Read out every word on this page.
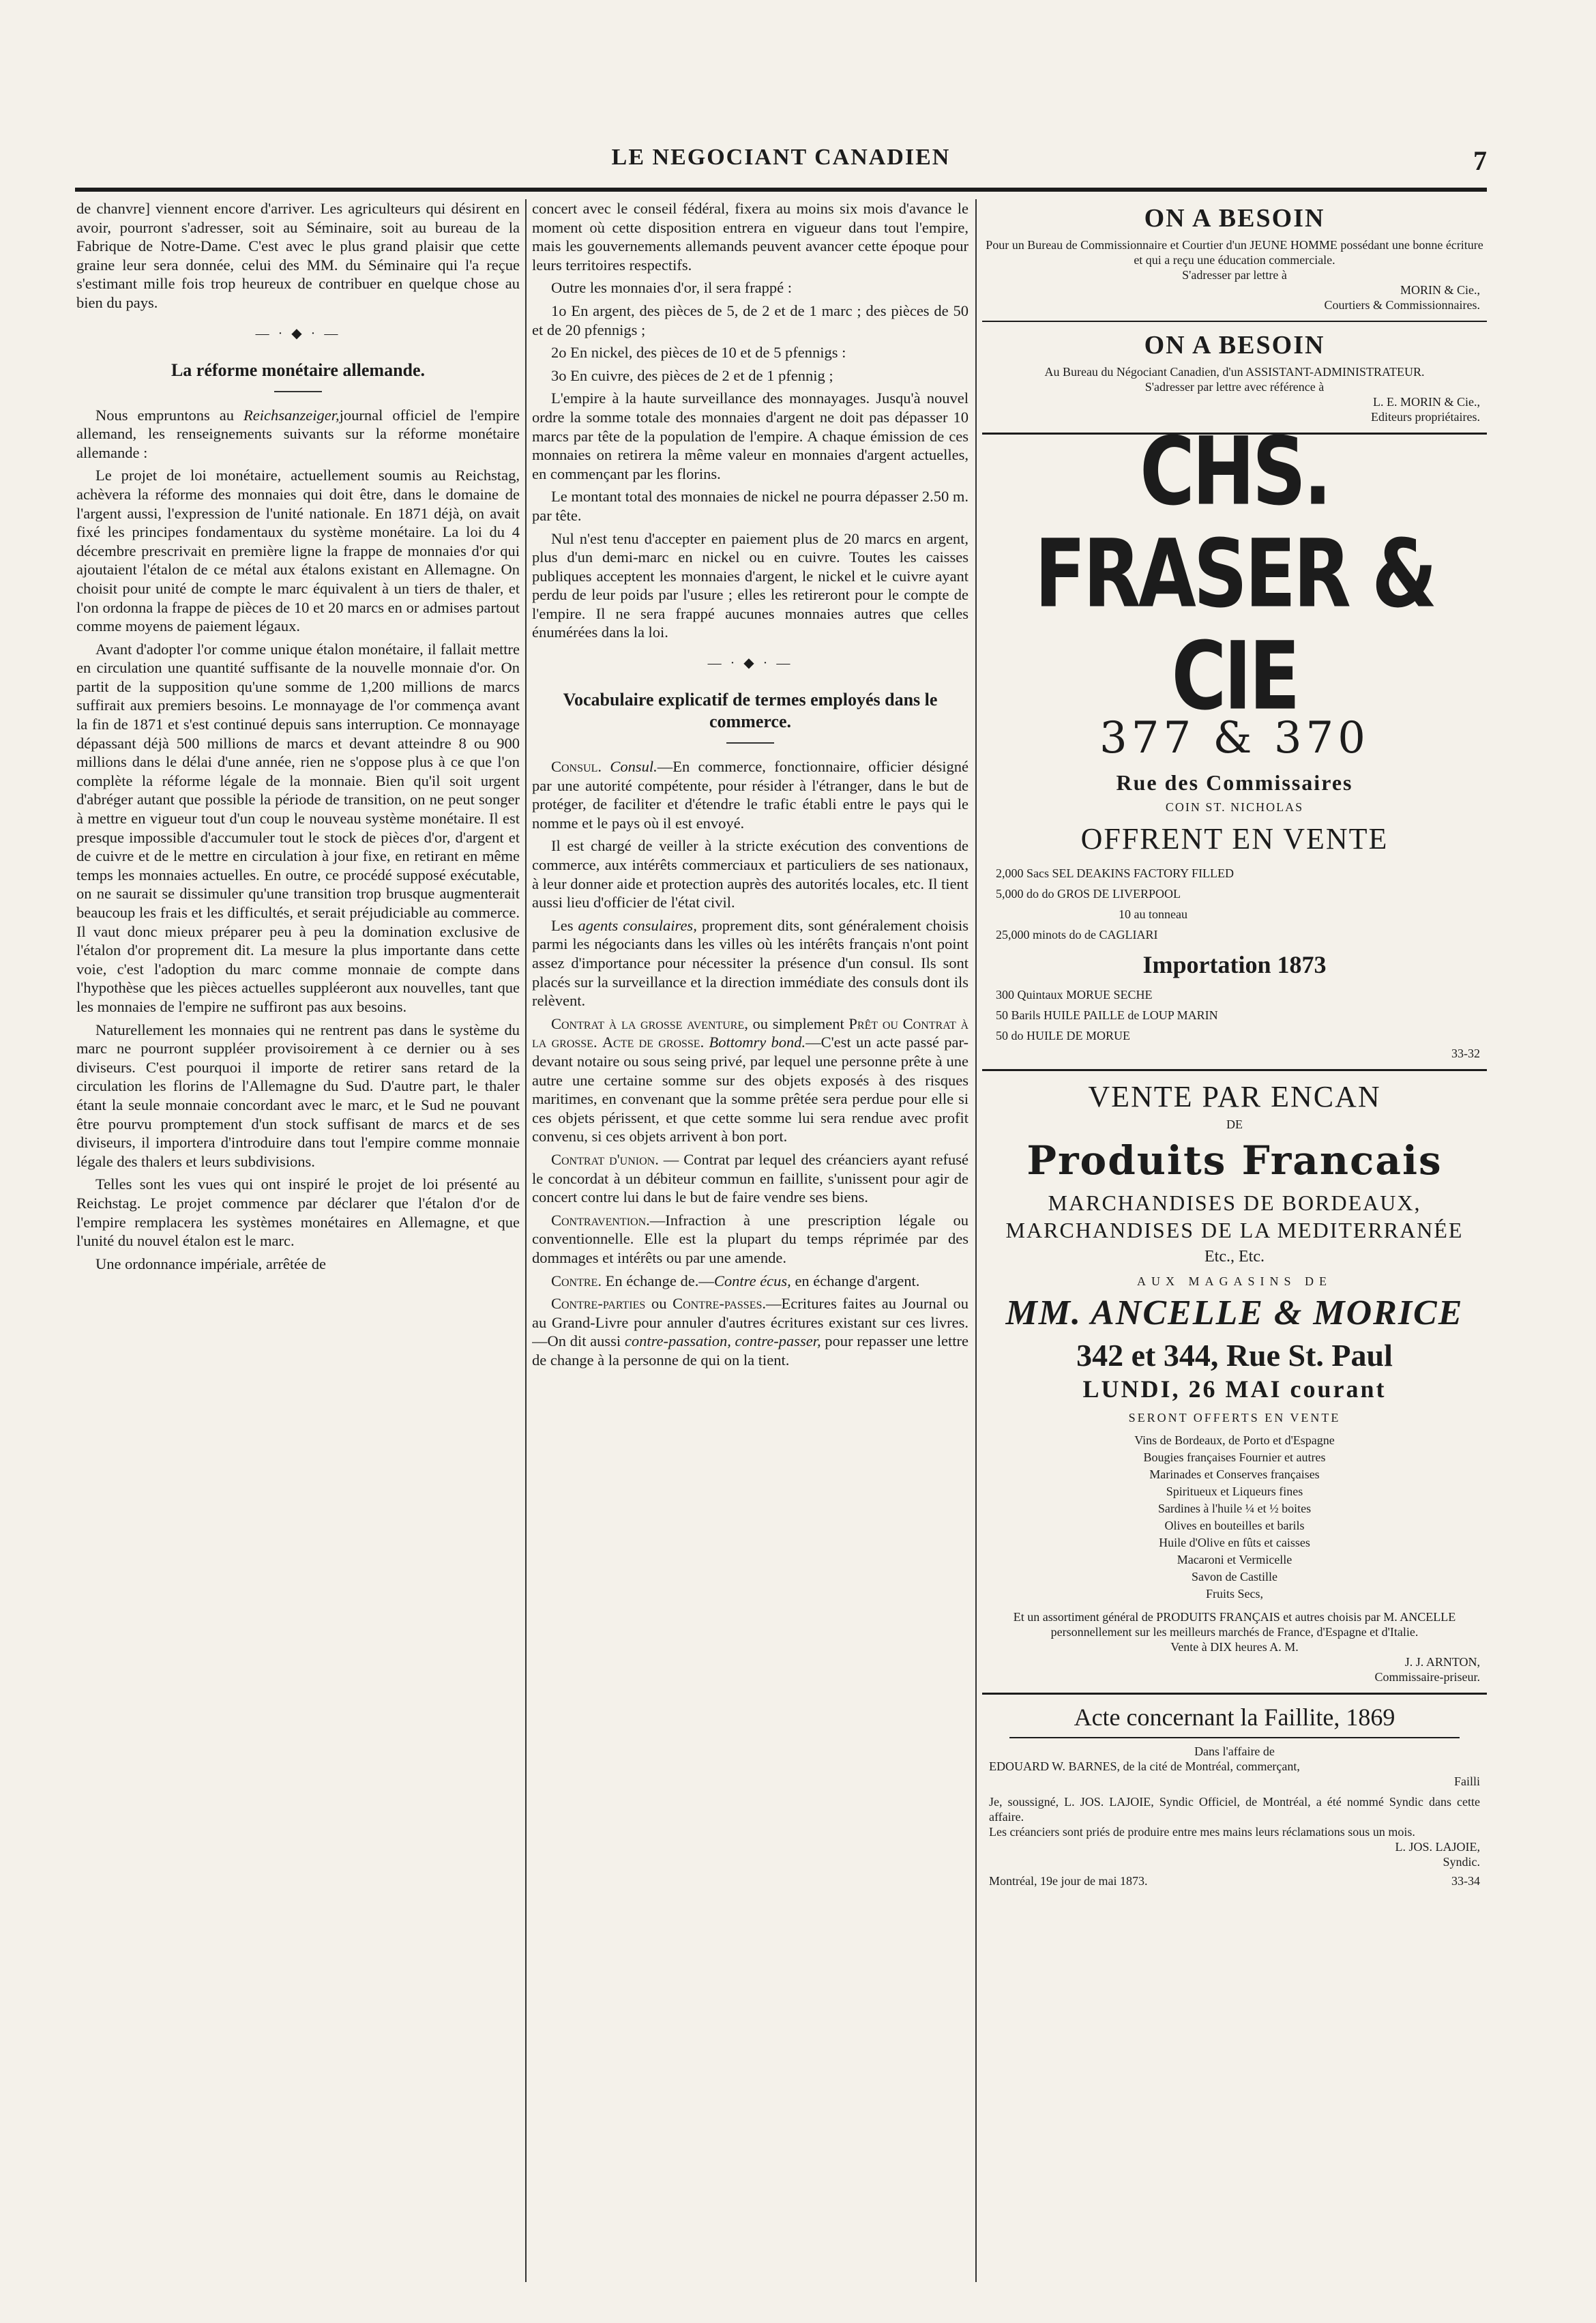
LE NEGOCIANT CANADIEN	7

de chanvre] viennent encore d'arriver. Les agriculteurs qui désirent en avoir, pourront s'adresser, soit au Séminaire, soit au bureau de la Fabrique de Notre-Dame. C'est avec le plus grand plaisir que cette graine leur sera donnée, celui des MM. du Séminaire qui l'a reçue s'estimant mille fois trop heureux de contribuer en quelque chose au bien du pays.

— · ◆ · —
La réforme monétaire allemande.

Nous empruntons au Reichsanzeiger,journal officiel de l'empire allemand, les renseignements suivants sur la réforme monétaire allemande :

Le projet de loi monétaire, actuellement soumis au Reichstag, achèvera la réforme des monnaies qui doit être, dans le domaine de l'argent aussi, l'expression de l'unité nationale. En 1871 déjà, on avait fixé les principes fondamentaux du système monétaire. La loi du 4 décembre prescrivait en première ligne la frappe de monnaies d'or qui ajoutaient l'étalon de ce métal aux étalons existant en Allemagne. On choisit pour unité de compte le marc équivalent à un tiers de thaler, et l'on ordonna la frappe de pièces de 10 et 20 marcs en or admises partout comme moyens de paiement légaux.

Avant d'adopter l'or comme unique étalon monétaire, il fallait mettre en circulation une quantité suffisante de la nouvelle monnaie d'or. On partit de la supposition qu'une somme de 1,200 millions de marcs suffirait aux premiers besoins. Le monnayage de l'or commença avant la fin de 1871 et s'est continué depuis sans interruption. Ce monnayage dépassant déjà 500 millions de marcs et devant atteindre 8 ou 900 millions dans le délai d'une année, rien ne s'oppose plus à ce que l'on complète la réforme légale de la monnaie. Bien qu'il soit urgent d'abréger autant que possible la période de transition, on ne peut songer à mettre en vigueur tout d'un coup le nouveau système monétaire. Il est presque impossible d'accumuler tout le stock de pièces d'or, d'argent et de cuivre et de le mettre en circulation à jour fixe, en retirant en même temps les monnaies actuelles. En outre, ce procédé supposé exécutable, on ne saurait se dissimuler qu'une transition trop brusque augmenterait beaucoup les frais et les difficultés, et serait préjudiciable au commerce. Il vaut donc mieux préparer peu à peu la domination exclusive de l'étalon d'or proprement dit. La mesure la plus importante dans cette voie, c'est l'adoption du marc comme monnaie de compte dans l'hypothèse que les pièces actuelles suppléeront aux nouvelles, tant que les monnaies de l'empire ne suffiront pas aux besoins.

Naturellement les monnaies qui ne rentrent pas dans le système du marc ne pourront suppléer provisoirement à ce dernier ou à ses diviseurs. C'est pourquoi il importe de retirer sans retard de la circulation les florins de l'Allemagne du Sud. D'autre part, le thaler étant la seule monnaie concordant avec le marc, et le Sud ne pouvant être pourvu promptement d'un stock suffisant de marcs et de ses diviseurs, il importera d'introduire dans tout l'empire comme monnaie légale des thalers et leurs subdivisions.

Telles sont les vues qui ont inspiré le projet de loi présenté au Reichstag. Le projet commence par déclarer que l'étalon d'or de l'empire remplacera les systèmes monétaires en Allemagne, et que l'unité du nouvel étalon est le marc.

Une ordonnance impériale, arrêtée de

concert avec le conseil fédéral, fixera au moins six mois d'avance le moment où cette disposition entrera en vigueur dans tout l'empire, mais les gouvernements allemands peuvent avancer cette époque pour leurs territoires respectifs.

Outre les monnaies d'or, il sera frappé :

1o En argent, des pièces de 5, de 2 et de 1 marc ; des pièces de 50 et de 20 pfennigs ;

2o En nickel, des pièces de 10 et de 5 pfennigs :

3o En cuivre, des pièces de 2 et de 1 pfennig ;

L'empire à la haute surveillance des monnayages. Jusqu'à nouvel ordre la somme totale des monnaies d'argent ne doit pas dépasser 10 marcs par tête de la population de l'empire. A chaque émission de ces monnaies on retirera la même valeur en monnaies d'argent actuelles, en commençant par les florins.

Le montant total des monnaies de nickel ne pourra dépasser 2.50 m. par tête.

Nul n'est tenu d'accepter en paiement plus de 20 marcs en argent, plus d'un demi-marc en nickel ou en cuivre. Toutes les caisses publiques acceptent les monnaies d'argent, le nickel et le cuivre ayant perdu de leur poids par l'usure ; elles les retireront pour le compte de l'empire. Il ne sera frappé aucunes monnaies autres que celles énumérées dans la loi.

— · ◆ · —
Vocabulaire explicatif de termes employés dans le commerce.

Consul. Consul.—En commerce, fonctionnaire, officier désigné par une autorité compétente, pour résider à l'étranger, dans le but de protéger, de faciliter et d'étendre le trafic établi entre le pays qui le nomme et le pays où il est envoyé.

Il est chargé de veiller à la stricte exécution des conventions de commerce, aux intérêts commerciaux et particuliers de ses nationaux, à leur donner aide et protection auprès des autorités locales, etc. Il tient aussi lieu d'officier de l'état civil.

Les agents consulaires, proprement dits, sont généralement choisis parmi les négociants dans les villes où les intérêts français n'ont point assez d'importance pour nécessiter la présence d'un consul. Ils sont placés sur la surveillance et la direction immédiate des consuls dont ils relèvent.

Contrat à la grosse aventure, ou simplement Prêt ou Contrat à la grosse. Acte de grosse. Bottomry bond.—C'est un acte passé par-devant notaire ou sous seing privé, par lequel une personne prête à une autre une certaine somme sur des objets exposés à des risques maritimes, en convenant que la somme prêtée sera perdue pour elle si ces objets périssent, et que cette somme lui sera rendue avec profit convenu, si ces objets arrivent à bon port.

Contrat d'union. — Contrat par lequel des créanciers ayant refusé le concordat à un débiteur commun en faillite, s'unissent pour agir de concert contre lui dans le but de faire vendre ses biens.

Contravention.—Infraction à une prescription légale ou conventionnelle. Elle est la plupart du temps réprimée par des dommages et intérêts ou par une amende.

Contre. En échange de.—Contre écus, en échange d'argent.

Contre-parties ou Contre-passes.—Ecritures faites au Journal ou au Grand-Livre pour annuler d'autres écritures existant sur ces livres.—On dit aussi contre-passation, contre-passer, pour repasser une lettre de change à la personne de qui on la tient.

ON A BESOIN
Pour un Bureau de Commissionnaire et Courtier d'un JEUNE HOMME possédant une bonne écriture et qui a reçu une éducation commerciale.
S'adresser par lettre à
MORIN & Cie.,
Courtiers & Commissionnaires.
ON A BESOIN
Au Bureau du Négociant Canadien, d'un ASSISTANT-ADMINISTRATEUR.
S'adresser par lettre avec référence à
L. E. MORIN & Cie.,
Editeurs propriétaires.
CHS. FRASER & CIE
377 & 370
Rue des Commissaires
COIN ST. NICHOLAS
OFFRENT EN VENTE
2,000 Sacs SEL DEAKINS FACTORY FILLED
5,000 do do GROS DE LIVERPOOL
10 au tonneau
25,000 minots do de CAGLIARI
Importation 1873
300 Quintaux MORUE SECHE
50 Barils HUILE PAILLE de LOUP MARIN
50 do HUILE DE MORUE
33-32
VENTE PAR ENCAN
DE
Produits Francais
MARCHANDISES DE BORDEAUX, MARCHANDISES DE LA MEDITERRANÉE
Etc., Etc.
AUX MAGASINS DE
MM. ANCELLE & MORICE
342 et 344, Rue St. Paul
LUNDI, 26 MAI courant
SERONT OFFERTS EN VENTE
Vins de Bordeaux, de Porto et d'Espagne
Bougies françaises Fournier et autres
Marinades et Conserves françaises
Spiritueux et Liqueurs fines
Sardines à l'huile ¼ et ½ boites
Olives en bouteilles et barils
Huile d'Olive en fûts et caisses
Macaroni et Vermicelle
Savon de Castille
Fruits Secs,
Et un assortiment général de PRODUITS FRANÇAIS et autres choisis par M. ANCELLE personnellement sur les meilleurs marchés de France, d'Espagne et d'Italie.
Vente à DIX heures A. M.
J. J. ARNTON,
Commissaire-priseur.
Acte concernant la Faillite, 1869
Dans l'affaire de
EDOUARD W. BARNES, de la cité de Montréal, commerçant,
Failli
Je, soussigné, L. JOS. LAJOIE, Syndic Officiel, de Montréal, a été nommé Syndic dans cette affaire.
Les créanciers sont priés de produire entre mes mains leurs réclamations sous un mois.
L. JOS. LAJOIE,
Syndic.
Montréal, 19e jour de mai 1873.	33-34
